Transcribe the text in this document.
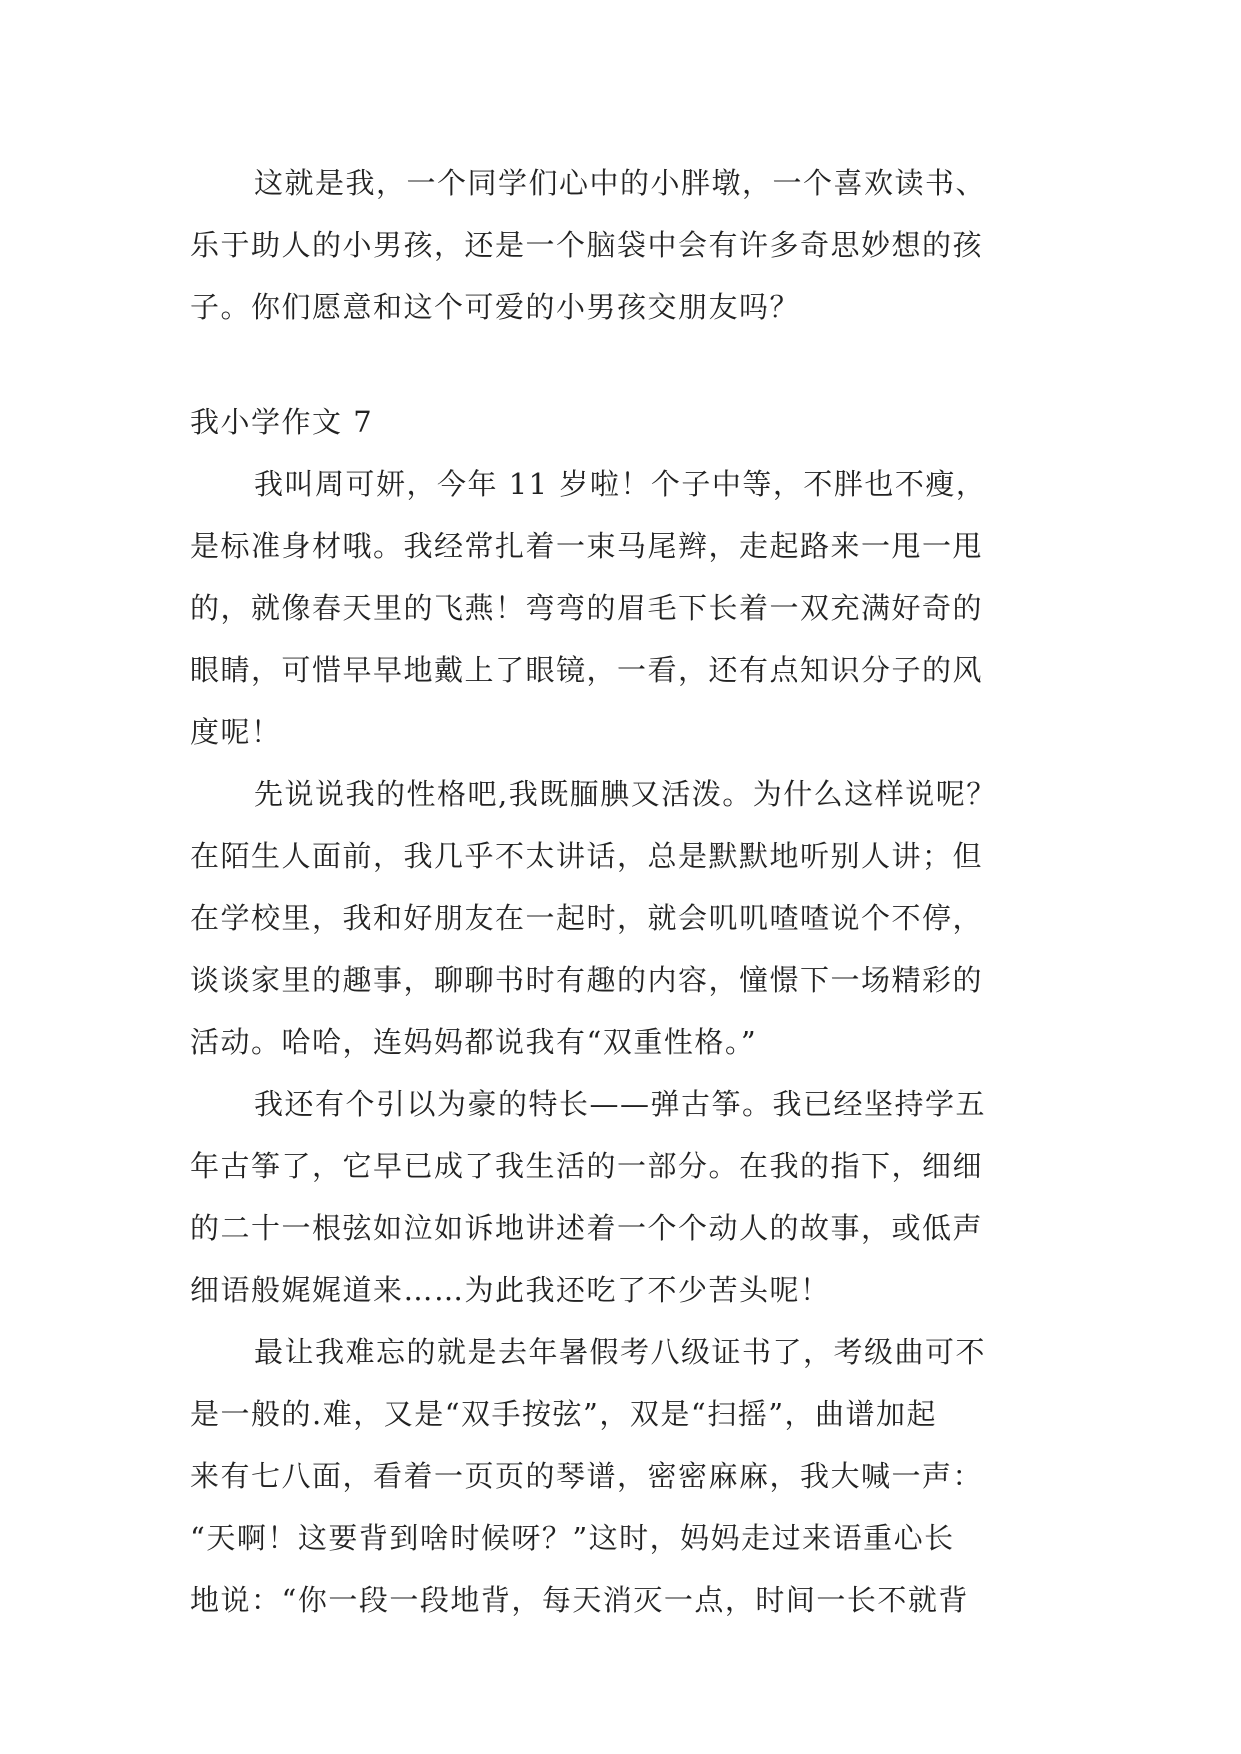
这就是我，一个同学们心中的小胖墩，一个喜欢读书、
乐于助人的小男孩，还是一个脑袋中会有许多奇思妙想的孩
子。你们愿意和这个可爱的小男孩交朋友吗？
我小学作文 7
我叫周可妍，今年 11 岁啦！个子中等，不胖也不瘦，
是标准身材哦。我经常扎着一束马尾辫，走起路来一甩一甩
的，就像春天里的飞燕！弯弯的眉毛下长着一双充满好奇的
眼睛，可惜早早地戴上了眼镜，一看，还有点知识分子的风
度呢！
先说说我的性格吧,我既腼腆又活泼。为什么这样说呢？
在陌生人面前，我几乎不太讲话，总是默默地听别人讲；但
在学校里，我和好朋友在一起时，就会叽叽喳喳说个不停，
谈谈家里的趣事，聊聊书时有趣的内容，憧憬下一场精彩的
活动。哈哈，连妈妈都说我有“双重性格。”
我还有个引以为豪的特长——弹古筝。我已经坚持学五
年古筝了，它早已成了我生活的一部分。在我的指下，细细
的二十一根弦如泣如诉地讲述着一个个动人的故事，或低声
细语般娓娓道来……为此我还吃了不少苦头呢！
最让我难忘的就是去年暑假考八级证书了，考级曲可不
是一般的.难，又是“双手按弦”，双是“扫摇”，曲谱加起
来有七八面，看着一页页的琴谱，密密麻麻，我大喊一声：
“天啊！这要背到啥时候呀？”这时，妈妈走过来语重心长
地说：“你一段一段地背，每天消灭一点，时间一长不就背
